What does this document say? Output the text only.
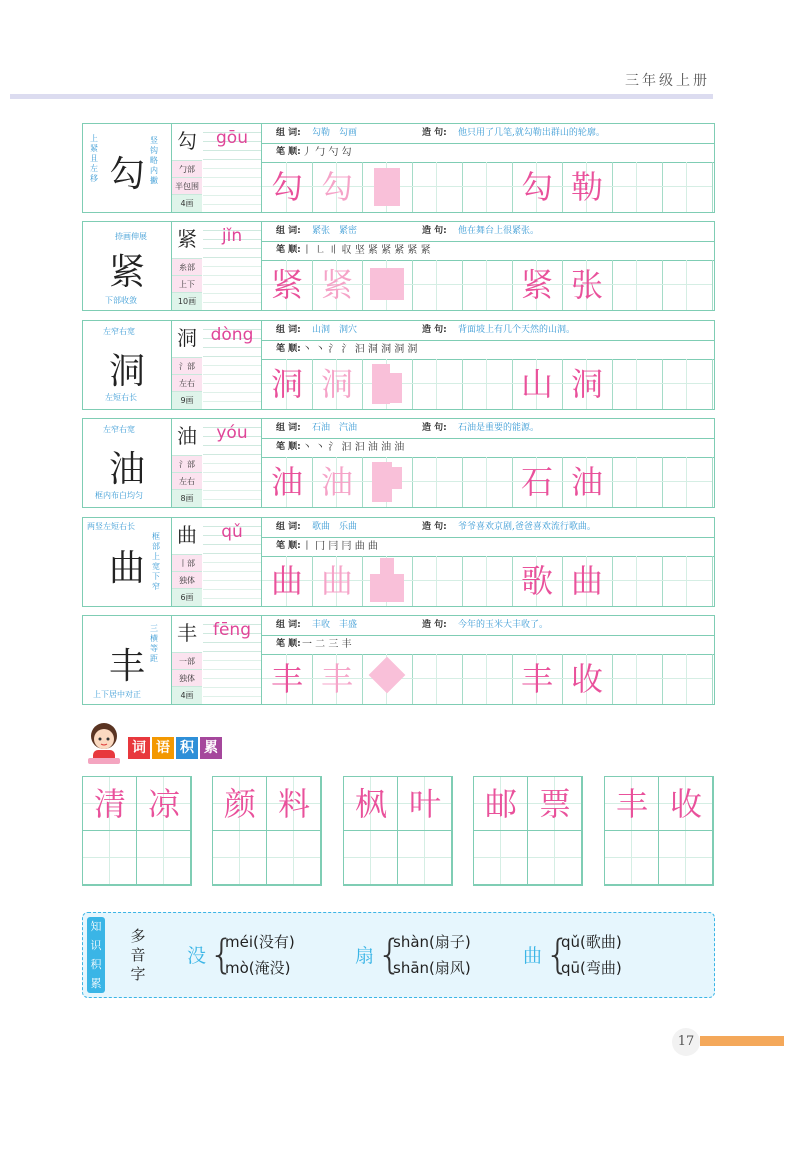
三年级上册
勾
上紧且左移
竖钩略内撇
勾
勹部
半包围
4画
gōu	组 词: 勾勒　勾画	造 句: 他只用了几笔,就勾勒出群山的轮廓。
笔 顺: 丿 勹 勺 勾
勾 勾	勾 勒
紧
捺画伸展
下部收敛
紧
糸部
上下
10画
jǐn	组 词: 紧张　紧密	造 句: 他在舞台上很紧张。
笔 顺: 丨 ㇗ 〢 収 坚 紧 紧 紧 紧 紧
紧 紧	紧 张
洞
左窄右宽
左短右长
洞
氵部
左右
9画
dòng	组 词: 山洞　洞穴	造 句: 背面坡上有几个天然的山洞。
笔 顺: 丶 丶 氵 氵 汩 洞 洞 洞 洞
洞 洞	山 洞
油
左窄右宽
框内布白均匀
油
氵部
左右
8画
yóu	组 词: 石油　汽油	造 句: 石油是重要的能源。
笔 顺: 丶 丶 氵 汩 汩 油 油 油
油 油	石 油
曲
两竖左短右长
框部上宽下窄
曲
丨部
独体
6画
qǔ	组 词: 歌曲　乐曲	造 句: 爷爷喜欢京剧,爸爸喜欢流行歌曲。
笔 顺: 丨 冂 冃 冃 曲 曲
曲 曲	歌 曲
丰
三横等距
上下居中对正
丰
一部
独体
4画
fēng	组 词: 丰收　丰盛	造 句: 今年的玉米大丰收了。
笔 顺: 一 二 三 丰
丰 丰	丰 收
词 语 积 累
清 凉	颜 料	枫 叶	邮 票	丰 收
知
识
积
累
多
音
字
没 {
méi(没有)
mò(淹没)
扇 {
shàn(扇子)
shān(扇风)
曲 {
qǔ(歌曲)
qū(弯曲)
17
